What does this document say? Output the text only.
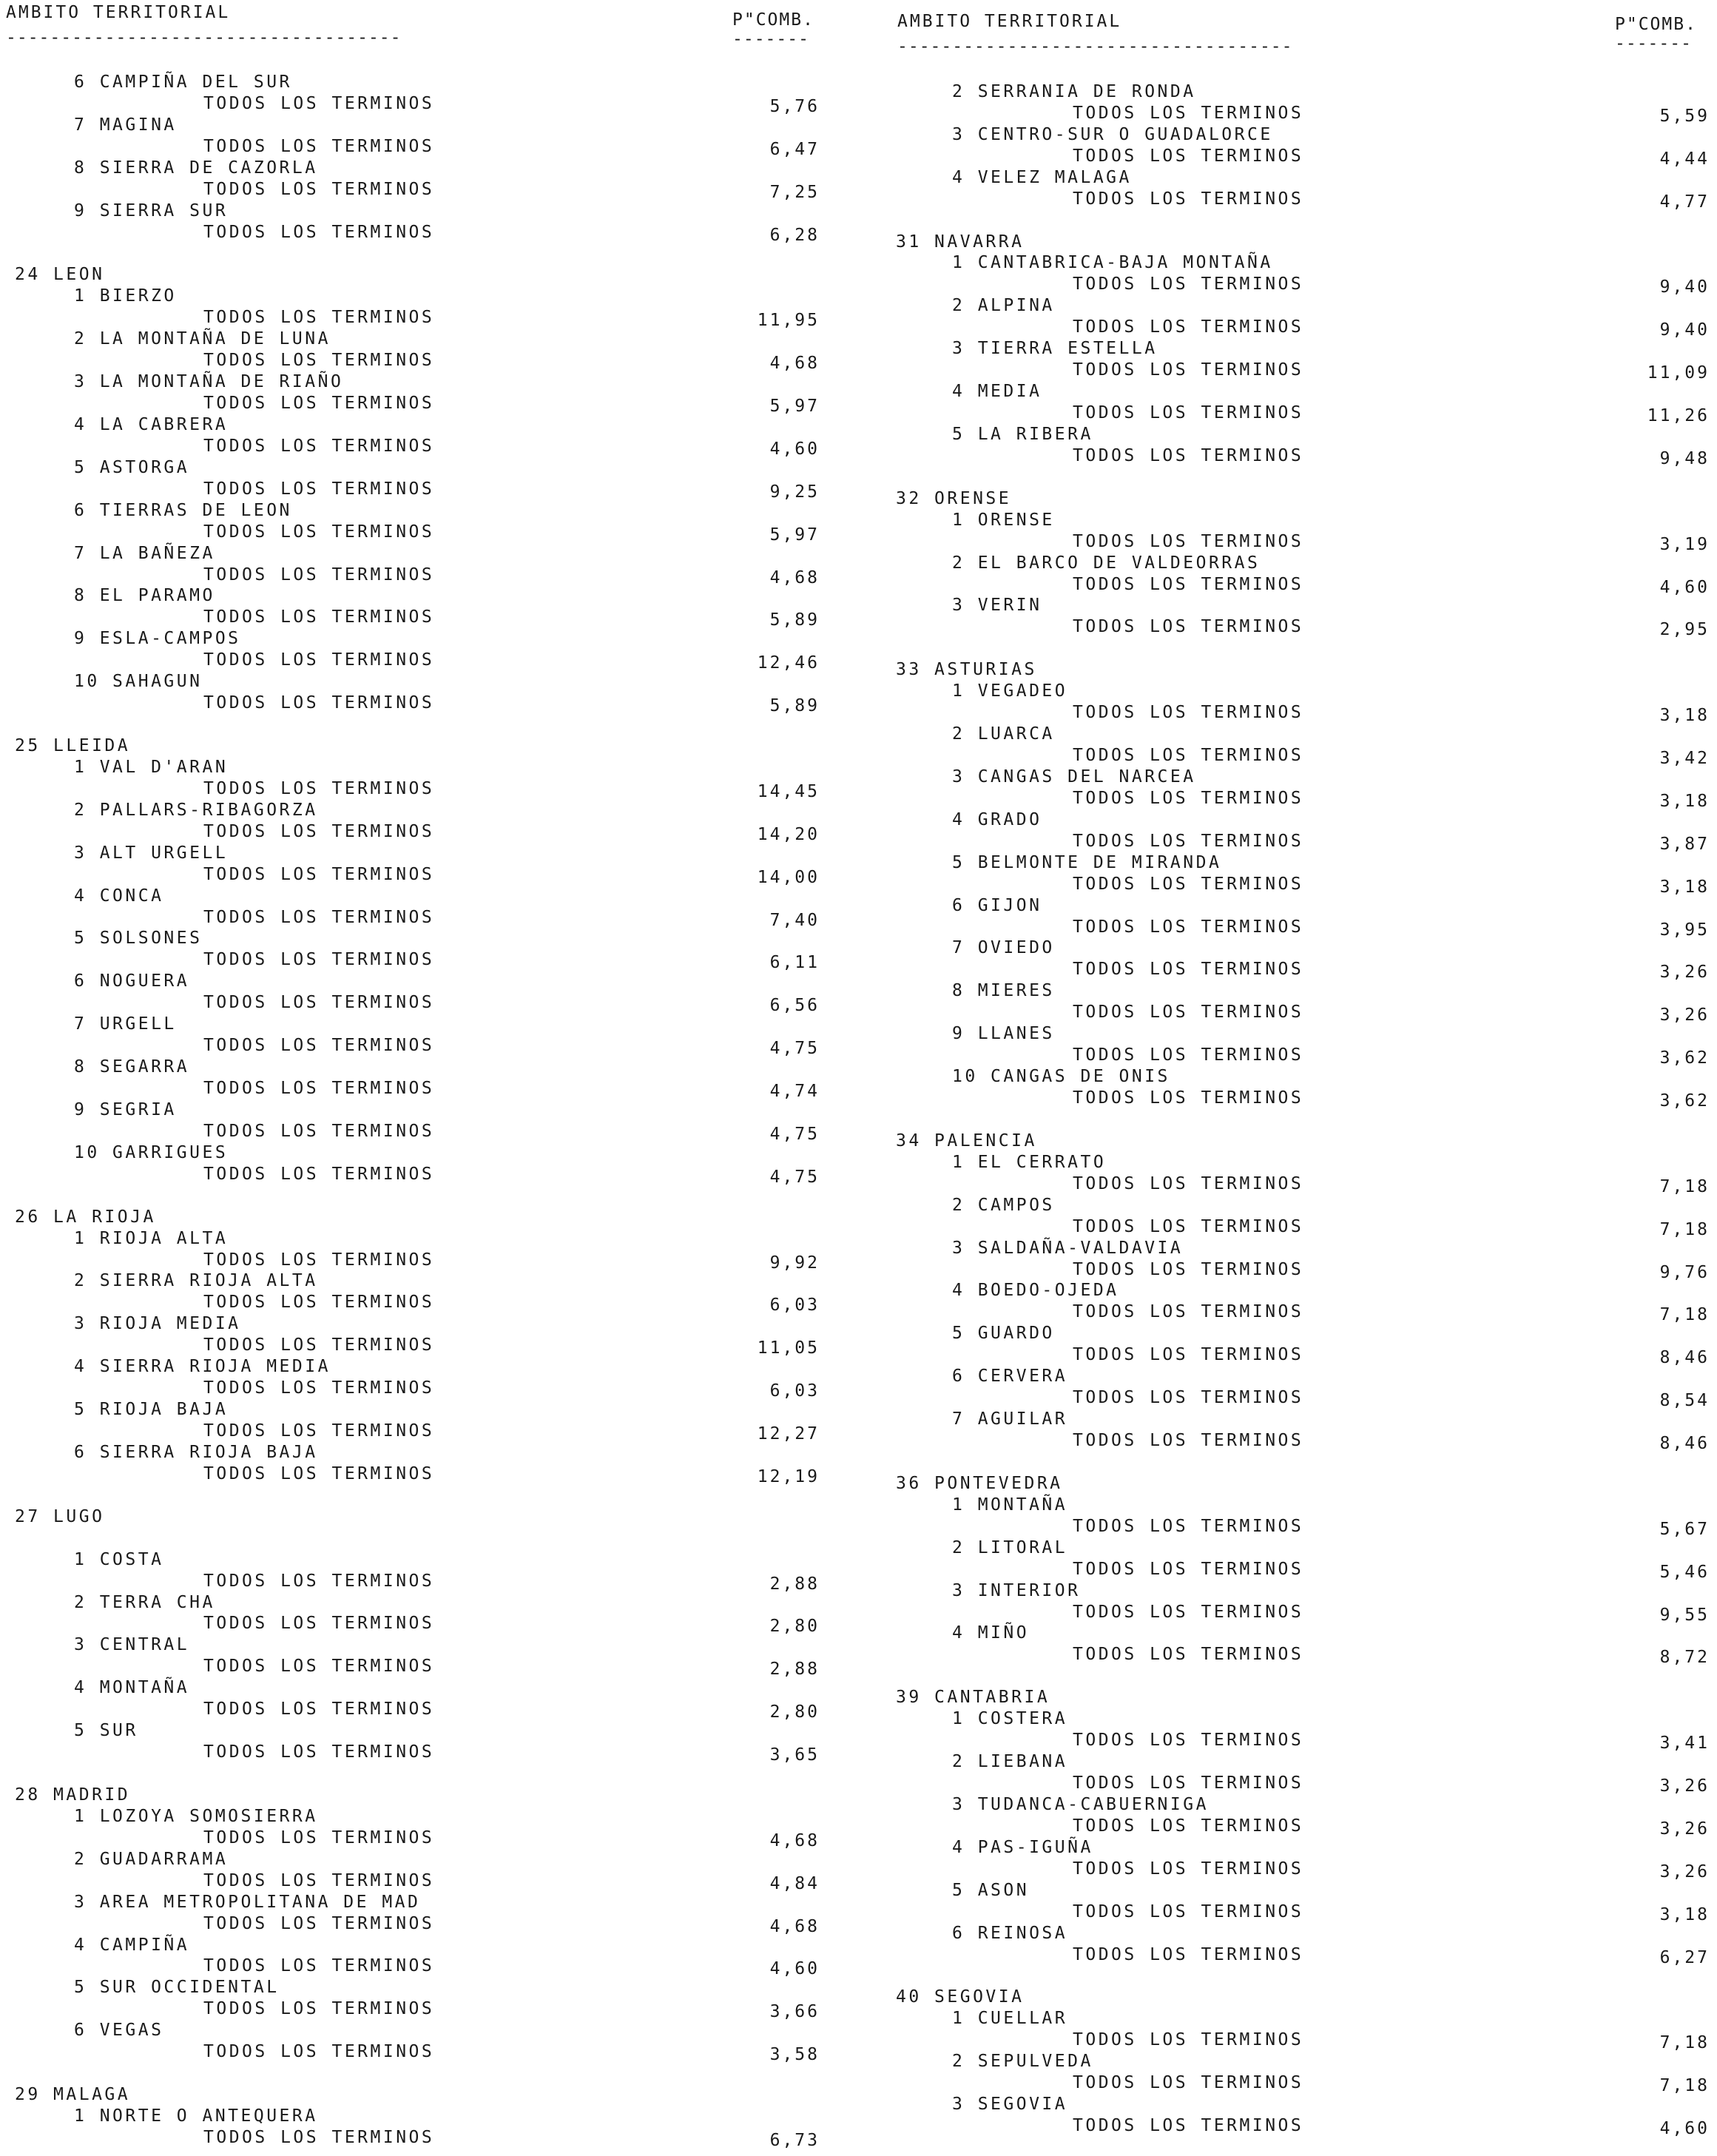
AMBITO TERRITORIAL
------------------------------------
P"COMB.
-------
6 CAMPIÑA DEL SUR
TODOS LOS TERMINOS	5,76
7 MAGINA
TODOS LOS TERMINOS	6,47
8 SIERRA DE CAZORLA
TODOS LOS TERMINOS	7,25
9 SIERRA SUR
TODOS LOS TERMINOS	6,28
24 LEON
1 BIERZO
TODOS LOS TERMINOS	11,95
2 LA MONTAÑA DE LUNA
TODOS LOS TERMINOS	4,68
3 LA MONTAÑA DE RIAÑO
TODOS LOS TERMINOS	5,97
4 LA CABRERA
TODOS LOS TERMINOS	4,60
5 ASTORGA
TODOS LOS TERMINOS	9,25
6 TIERRAS DE LEON
TODOS LOS TERMINOS	5,97
7 LA BAÑEZA
TODOS LOS TERMINOS	4,68
8 EL PARAMO
TODOS LOS TERMINOS	5,89
9 ESLA-CAMPOS
TODOS LOS TERMINOS	12,46
10 SAHAGUN
TODOS LOS TERMINOS	5,89
25 LLEIDA
1 VAL D'ARAN
TODOS LOS TERMINOS	14,45
2 PALLARS-RIBAGORZA
TODOS LOS TERMINOS	14,20
3 ALT URGELL
TODOS LOS TERMINOS	14,00
4 CONCA
TODOS LOS TERMINOS	7,40
5 SOLSONES
TODOS LOS TERMINOS	6,11
6 NOGUERA
TODOS LOS TERMINOS	6,56
7 URGELL
TODOS LOS TERMINOS	4,75
8 SEGARRA
TODOS LOS TERMINOS	4,74
9 SEGRIA
TODOS LOS TERMINOS	4,75
10 GARRIGUES
TODOS LOS TERMINOS	4,75
26 LA RIOJA
1 RIOJA ALTA
TODOS LOS TERMINOS	9,92
2 SIERRA RIOJA ALTA
TODOS LOS TERMINOS	6,03
3 RIOJA MEDIA
TODOS LOS TERMINOS	11,05
4 SIERRA RIOJA MEDIA
TODOS LOS TERMINOS	6,03
5 RIOJA BAJA
TODOS LOS TERMINOS	12,27
6 SIERRA RIOJA BAJA
TODOS LOS TERMINOS	12,19
27 LUGO
1 COSTA
TODOS LOS TERMINOS	2,88
2 TERRA CHA
TODOS LOS TERMINOS	2,80
3 CENTRAL
TODOS LOS TERMINOS	2,88
4 MONTAÑA
TODOS LOS TERMINOS	2,80
5 SUR
TODOS LOS TERMINOS	3,65
28 MADRID
1 LOZOYA SOMOSIERRA
TODOS LOS TERMINOS	4,68
2 GUADARRAMA
TODOS LOS TERMINOS	4,84
3 AREA METROPOLITANA DE MAD
TODOS LOS TERMINOS	4,68
4 CAMPIÑA
TODOS LOS TERMINOS	4,60
5 SUR OCCIDENTAL
TODOS LOS TERMINOS	3,66
6 VEGAS
TODOS LOS TERMINOS	3,58
29 MALAGA
1 NORTE O ANTEQUERA
TODOS LOS TERMINOS	6,73
AMBITO TERRITORIAL
------------------------------------
P"COMB.
-------
2 SERRANIA DE RONDA
TODOS LOS TERMINOS	5,59
3 CENTRO-SUR O GUADALORCE
TODOS LOS TERMINOS	4,44
4 VELEZ MALAGA
TODOS LOS TERMINOS	4,77
31 NAVARRA
1 CANTABRICA-BAJA MONTAÑA
TODOS LOS TERMINOS	9,40
2 ALPINA
TODOS LOS TERMINOS	9,40
3 TIERRA ESTELLA
TODOS LOS TERMINOS	11,09
4 MEDIA
TODOS LOS TERMINOS	11,26
5 LA RIBERA
TODOS LOS TERMINOS	9,48
32 ORENSE
1 ORENSE
TODOS LOS TERMINOS	3,19
2 EL BARCO DE VALDEORRAS
TODOS LOS TERMINOS	4,60
3 VERIN
TODOS LOS TERMINOS	2,95
33 ASTURIAS
1 VEGADEO
TODOS LOS TERMINOS	3,18
2 LUARCA
TODOS LOS TERMINOS	3,42
3 CANGAS DEL NARCEA
TODOS LOS TERMINOS	3,18
4 GRADO
TODOS LOS TERMINOS	3,87
5 BELMONTE DE MIRANDA
TODOS LOS TERMINOS	3,18
6 GIJON
TODOS LOS TERMINOS	3,95
7 OVIEDO
TODOS LOS TERMINOS	3,26
8 MIERES
TODOS LOS TERMINOS	3,26
9 LLANES
TODOS LOS TERMINOS	3,62
10 CANGAS DE ONIS
TODOS LOS TERMINOS	3,62
34 PALENCIA
1 EL CERRATO
TODOS LOS TERMINOS	7,18
2 CAMPOS
TODOS LOS TERMINOS	7,18
3 SALDAÑA-VALDAVIA
TODOS LOS TERMINOS	9,76
4 BOEDO-OJEDA
TODOS LOS TERMINOS	7,18
5 GUARDO
TODOS LOS TERMINOS	8,46
6 CERVERA
TODOS LOS TERMINOS	8,54
7 AGUILAR
TODOS LOS TERMINOS	8,46
36 PONTEVEDRA
1 MONTAÑA
TODOS LOS TERMINOS	5,67
2 LITORAL
TODOS LOS TERMINOS	5,46
3 INTERIOR
TODOS LOS TERMINOS	9,55
4 MIÑO
TODOS LOS TERMINOS	8,72
39 CANTABRIA
1 COSTERA
TODOS LOS TERMINOS	3,41
2 LIEBANA
TODOS LOS TERMINOS	3,26
3 TUDANCA-CABUERNIGA
TODOS LOS TERMINOS	3,26
4 PAS-IGUÑA
TODOS LOS TERMINOS	3,26
5 ASON
TODOS LOS TERMINOS	3,18
6 REINOSA
TODOS LOS TERMINOS	6,27
40 SEGOVIA
1 CUELLAR
TODOS LOS TERMINOS	7,18
2 SEPULVEDA
TODOS LOS TERMINOS	7,18
3 SEGOVIA
TODOS LOS TERMINOS	4,60
